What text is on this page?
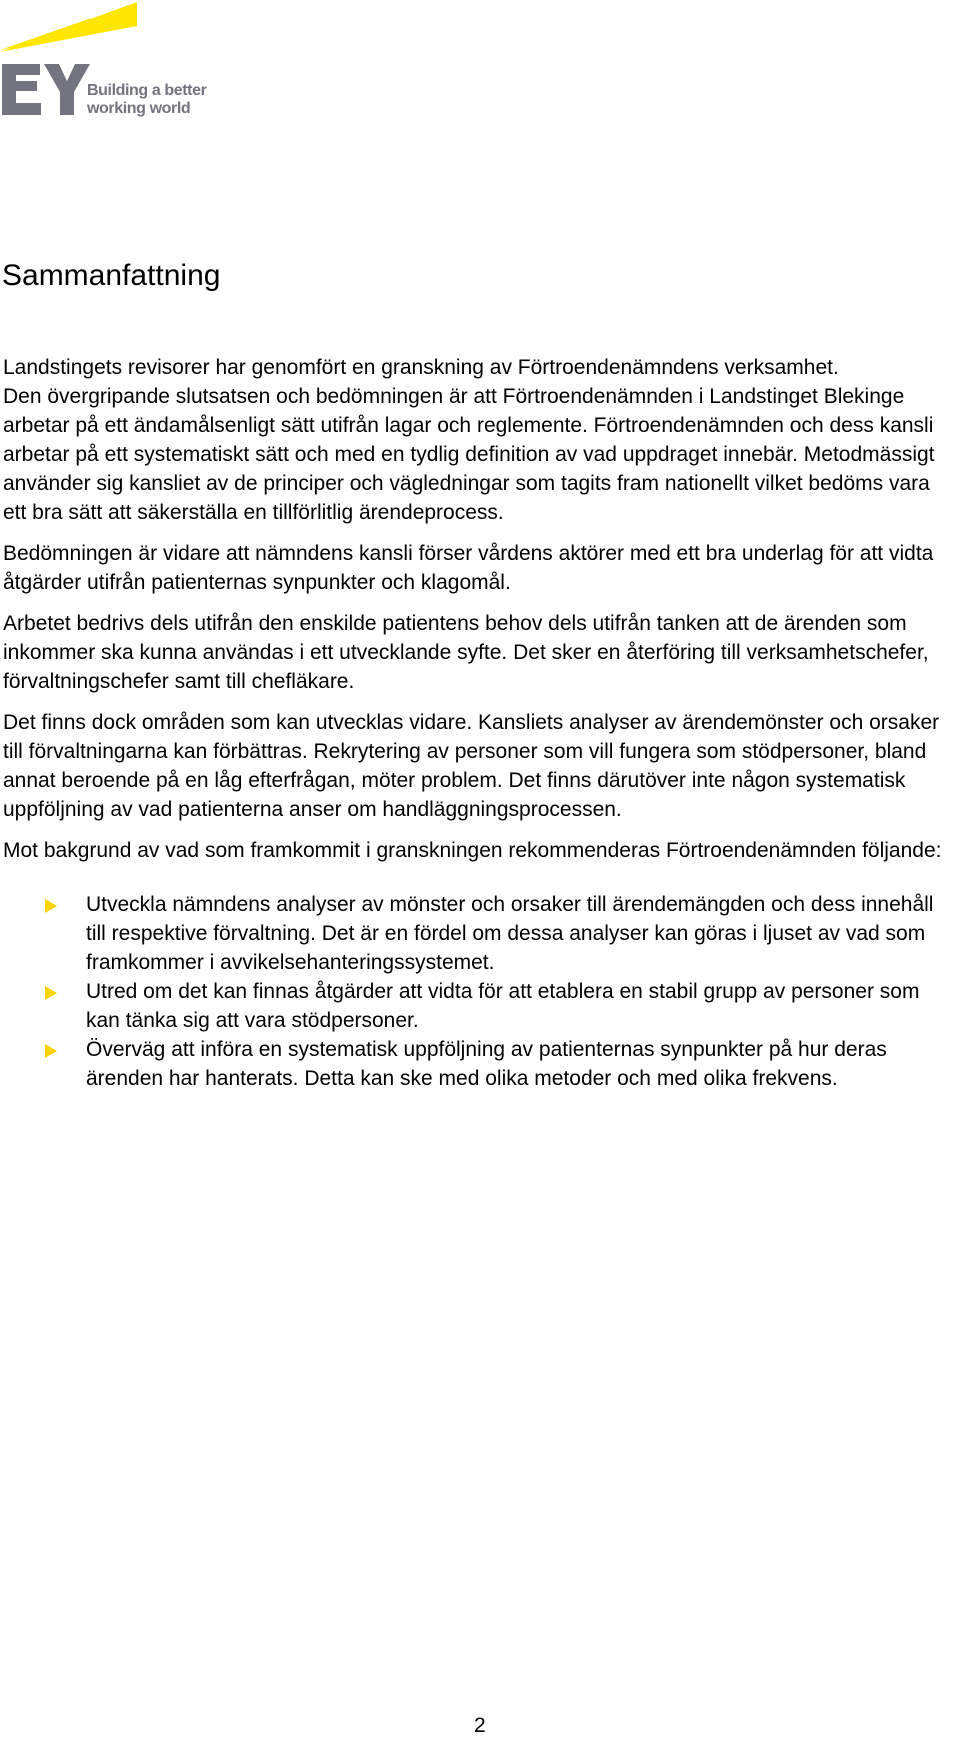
Building a better
working world
Sammanfattning

Landstingets revisorer har genomfört en granskning av Förtroendenämndens verksamhet.

Den övergripande slutsatsen och bedömningen är att Förtroendenämnden i Landstinget Blekinge arbetar på ett ändamålsenligt sätt utifrån lagar och reglemente. Förtroendenämnden och dess kansli arbetar på ett systematiskt sätt och med en tydlig definition av vad uppdraget innebär. Metodmässigt använder sig kansliet av de principer och vägledningar som tagits fram nationellt vilket bedöms vara ett bra sätt att säkerställa en tillförlitlig ärendeprocess.

Bedömningen är vidare att nämndens kansli förser vårdens aktörer med ett bra underlag för att vidta åtgärder utifrån patienternas synpunkter och klagomål.

Arbetet bedrivs dels utifrån den enskilde patientens behov dels utifrån tanken att de ärenden som inkommer ska kunna användas i ett utvecklande syfte. Det sker en återföring till verksamhetschefer, förvaltningschefer samt till chefläkare.

Det finns dock områden som kan utvecklas vidare. Kansliets analyser av ärendemönster och orsaker till förvaltningarna kan förbättras. Rekrytering av personer som vill fungera som stödpersoner, bland annat beroende på en låg efterfrågan, möter problem. Det finns därutöver inte någon systematisk uppföljning av vad patienterna anser om handläggningsprocessen.

Mot bakgrund av vad som framkommit i granskningen rekommenderas Förtroendenämnden följande:

Utveckla nämndens analyser av mönster och orsaker till ärendemängden och dess innehåll till respektive förvaltning. Det är en fördel om dessa analyser kan göras i ljuset av vad som framkommer i avvikelsehanteringssystemet.
Utred om det kan finnas åtgärder att vidta för att etablera en stabil grupp av personer som kan tänka sig att vara stödpersoner.
Överväg att införa en systematisk uppföljning av patienternas synpunkter på hur deras ärenden har hanterats. Detta kan ske med olika metoder och med olika frekvens.
2
